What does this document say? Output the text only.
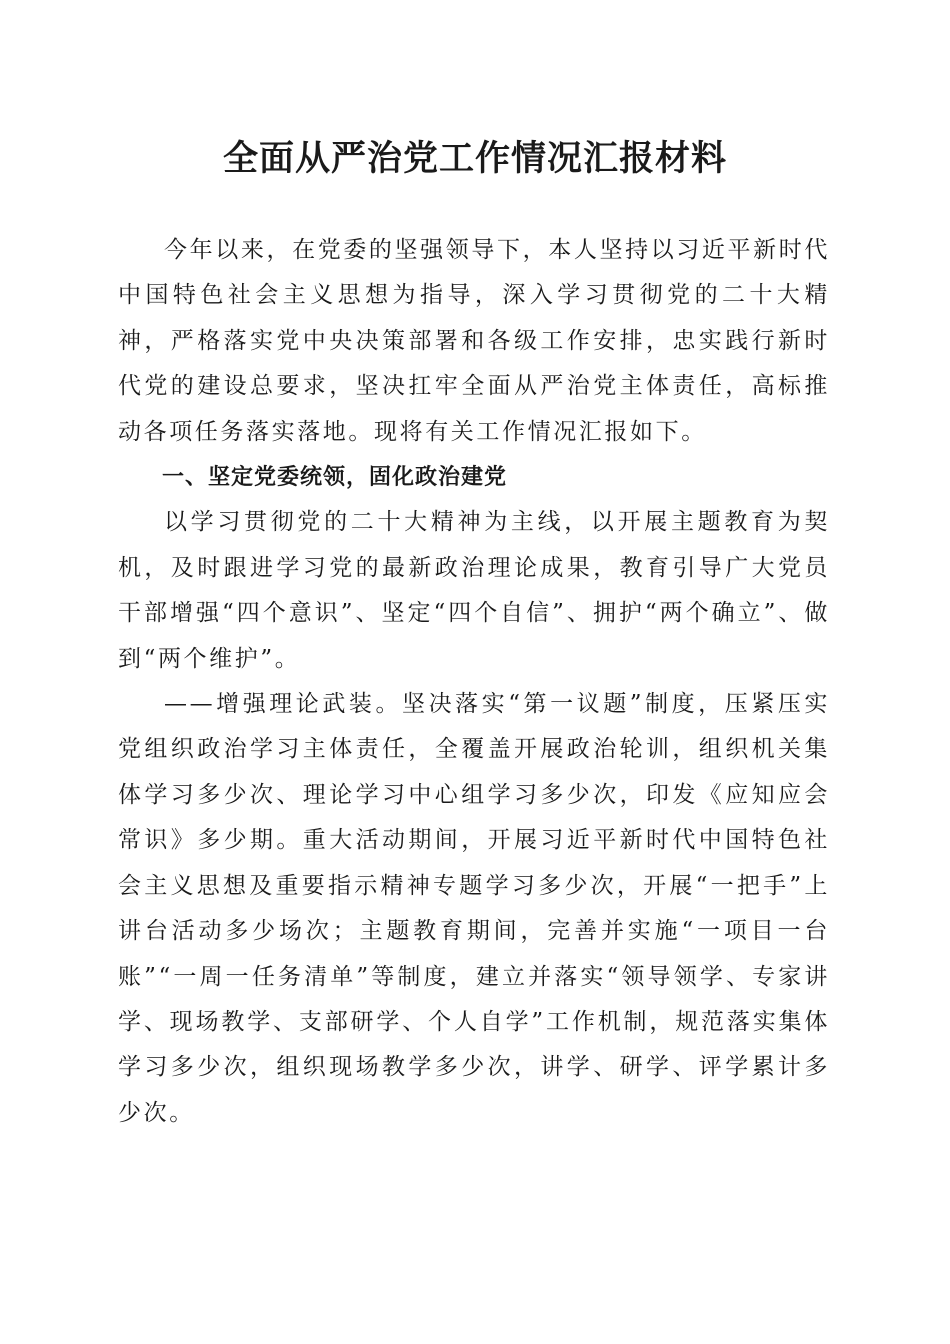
全面从严治党工作情况汇报材料

今年以来，在党委的坚强领导下，本人坚持以习近平新时代中国特色社会主义思想为指导，深入学习贯彻党的二十大精神，严格落实党中央决策部署和各级工作安排，忠实践行新时代党的建设总要求，坚决扛牢全面从严治党主体责任，高标推动各项任务落实落地。现将有关工作情况汇报如下。

一、坚定党委统领，固化政治建党

以学习贯彻党的二十大精神为主线，以开展主题教育为契机，及时跟进学习党的最新政治理论成果，教育引导广大党员干部增强“四个意识”、坚定“四个自信”、拥护“两个确立”、做到“两个维护”。

——增强理论武装。坚决落实“第一议题”制度，压紧压实党组织政治学习主体责任，全覆盖开展政治轮训，组织机关集体学习多少次、理论学习中心组学习多少次，印发《应知应会常识》多少期。重大活动期间，开展习近平新时代中国特色社会主义思想及重要指示精神专题学习多少次，开展“一把手”上讲台活动多少场次；主题教育期间，完善并实施“一项目一台账”“一周一任务清单”等制度，建立并落实“领导领学、专家讲学、现场教学、支部研学、个人自学”工作机制，规范落实集体学习多少次，组织现场教学多少次，讲学、研学、评学累计多少次。
